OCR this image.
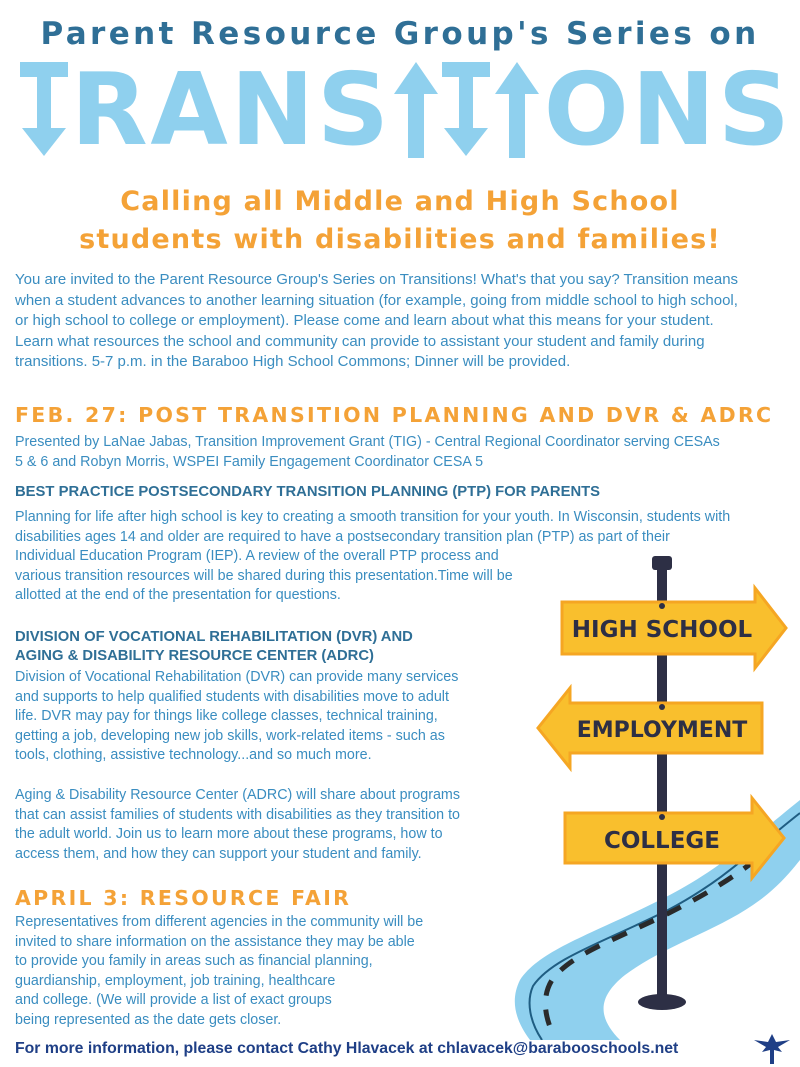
Parent Resource Group's Series on
R A N S O N S
Calling all Middle and High School
students with disabilities and families!
You are invited to the Parent Resource Group's Series on Transitions! What's that you say? Transition means
when a student advances to another learning situation (for example, going from middle school to high school,
or high school to college or employment). Please come and learn about what this means for your student.
Learn what resources the school and community can provide to assistant your student and family during
transitions. 5-7 p.m. in the Baraboo High School Commons; Dinner will be provided.
FEB. 27: POST TRANSITION PLANNING AND DVR & ADRC
Presented by LaNae Jabas, Transition Improvement Grant (TIG) - Central Regional Coordinator serving CESAs
5 & 6 and Robyn Morris, WSPEI Family Engagement Coordinator CESA 5
BEST PRACTICE POSTSECONDARY TRANSITION PLANNING (PTP) FOR PARENTS
Planning for life after high school is key to creating a smooth transition for your youth. In Wisconsin, students with
disabilities ages 14 and older are required to have a postsecondary transition plan (PTP) as part of their
Individual Education Program (IEP). A review of the overall PTP process and
various transition resources will be shared during this presentation.Time will be
allotted at the end of the presentation for questions.
DIVISION OF VOCATIONAL REHABILITATION (DVR) AND
AGING & DISABILITY RESOURCE CENTER (ADRC)
Division of Vocational Rehabilitation (DVR) can provide many services
and supports to help qualified students with disabilities move to adult
life. DVR may pay for things like college classes, technical training,
getting a job, developing new job skills, work-related items - such as
tools, clothing, assistive technology...and so much more.
Aging & Disability Resource Center (ADRC) will share about programs
that can assist families of students with disabilities as they transition to
the adult world. Join us to learn more about these programs, how to
access them, and how they can support your student and family.
APRIL 3: RESOURCE FAIR
Representatives from different agencies in the community will be
invited to share information on the assistance they may be able
to provide you family in areas such as financial planning,
guardianship, employment, job training, healthcare
and college. (We will provide a list of exact groups
being represented as the date gets closer.
HIGH SCHOOL
EMPLOYMENT
COLLEGE
For more information, please contact Cathy Hlavacek at chlavacek@barabooschools.net
